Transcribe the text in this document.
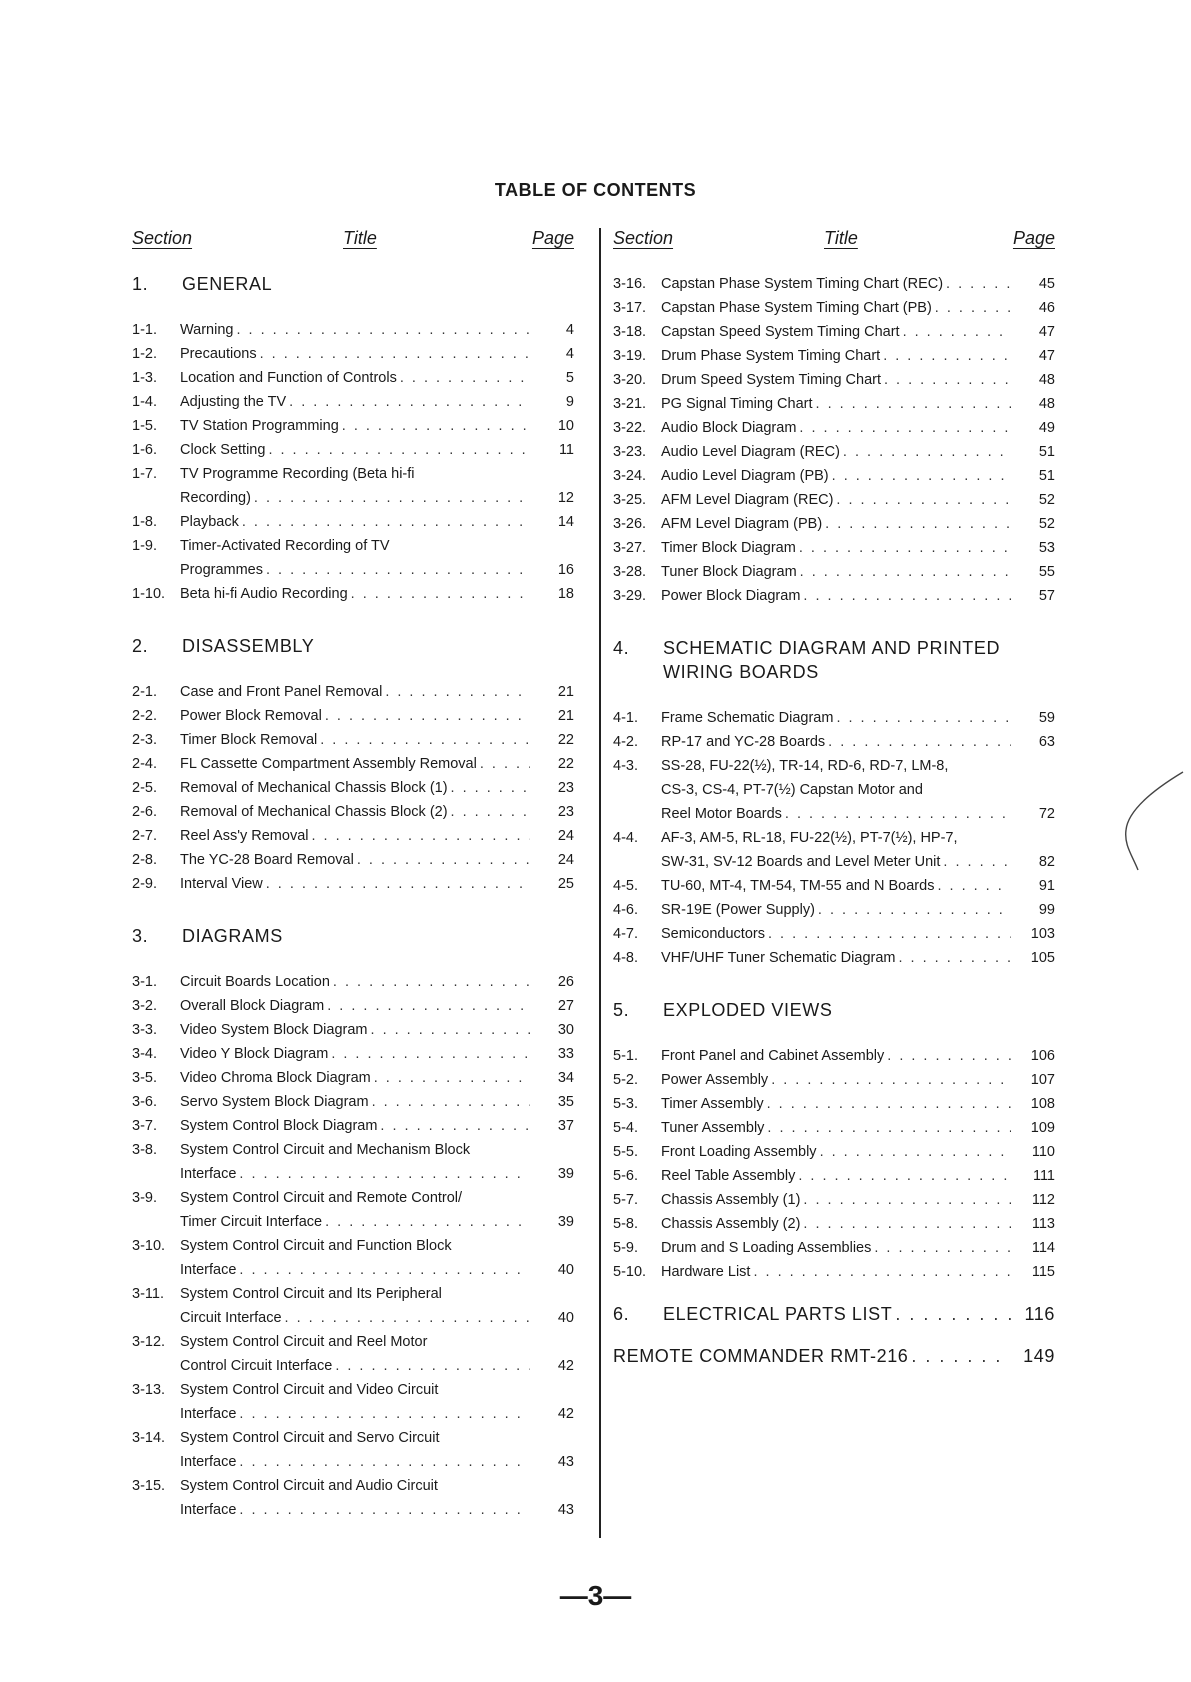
TABLE OF CONTENTS
Section	Title	Page
1.	GENERAL
1-1.	Warning . . .	4
1-2.	Precautions . . .	4
1-3.	Location and Function of Controls . . .	5
1-4.	Adjusting the TV . . .	9
1-5.	TV Station Programming . . .	10
1-6.	Clock Setting . . .	11
1-7.	TV Programme Recording (Beta hi-fi
Recording) . . .	12
1-8.	Playback . . .	14
1-9.	Timer-Activated Recording of TV
Programmes . . .	16
1-10.	Beta hi-fi Audio Recording . . .	18
2.	DISASSEMBLY
2-1.	Case and Front Panel Removal . . .	21
2-2.	Power Block Removal . . .	21
2-3.	Timer Block Removal . . .	22
2-4.	FL Cassette Compartment Assembly Removal . . .	22
2-5.	Removal of Mechanical Chassis Block (1) . . .	23
2-6.	Removal of Mechanical Chassis Block (2) . . .	23
2-7.	Reel Ass'y Removal . . .	24
2-8.	The YC-28 Board Removal . . .	24
2-9.	Interval View . . .	25
3.	DIAGRAMS
3-1.	Circuit Boards Location . . .	26
3-2.	Overall Block Diagram . . .	27
3-3.	Video System Block Diagram . . .	30
3-4.	Video Y Block Diagram . . .	33
3-5.	Video Chroma Block Diagram . . .	34
3-6.	Servo System Block Diagram . . .	35
3-7.	System Control Block Diagram . . .	37
3-8.	System Control Circuit and Mechanism Block
Interface . . .	39
3-9.	System Control Circuit and Remote Control/
Timer Circuit Interface . . .	39
3-10.	System Control Circuit and Function Block
Interface . . .	40
3-11.	System Control Circuit and Its Peripheral
Circuit Interface . . .	40
3-12.	System Control Circuit and Reel Motor
Control Circuit Interface . . .	42
3-13.	System Control Circuit and Video Circuit
Interface . . .	42
3-14.	System Control Circuit and Servo Circuit
Interface . . .	43
3-15.	System Control Circuit and Audio Circuit
Interface . . .	43
Section	Title	Page
3-16.	Capstan Phase System Timing Chart (REC) . . .	45
3-17.	Capstan Phase System Timing Chart (PB) . . .	46
3-18.	Capstan Speed System Timing Chart . . .	47
3-19.	Drum Phase System Timing Chart . . .	47
3-20.	Drum Speed System Timing Chart . . .	48
3-21.	PG Signal Timing Chart . . .	48
3-22.	Audio Block Diagram . . .	49
3-23.	Audio Level Diagram (REC) . . .	51
3-24.	Audio Level Diagram (PB) . . .	51
3-25.	AFM Level Diagram (REC) . . .	52
3-26.	AFM Level Diagram (PB) . . .	52
3-27.	Timer Block Diagram . . .	53
3-28.	Tuner Block Diagram . . .	55
3-29.	Power Block Diagram . . .	57
4.	SCHEMATIC DIAGRAM AND PRINTED
WIRING BOARDS
4-1.	Frame Schematic Diagram . . .	59
4-2.	RP-17 and YC-28 Boards . . .	63
4-3.	SS-28, FU-22(½), TR-14, RD-6, RD-7, LM-8,
CS-3, CS-4, PT-7(½) Capstan Motor and
Reel Motor Boards . . .	72
4-4.	AF-3, AM-5, RL-18, FU-22(½), PT-7(½), HP-7,
SW-31, SV-12 Boards and Level Meter Unit . . .	82
4-5.	TU-60, MT-4, TM-54, TM-55 and N Boards . . .	91
4-6.	SR-19E (Power Supply) . . .	99
4-7.	Semiconductors . . .	103
4-8.	VHF/UHF Tuner Schematic Diagram . . .	105
5.	EXPLODED VIEWS
5-1.	Front Panel and Cabinet Assembly . . .	106
5-2.	Power Assembly . . .	107
5-3.	Timer Assembly . . .	108
5-4.	Tuner Assembly . . .	109
5-5.	Front Loading Assembly . . .	110
5-6.	Reel Table Assembly . . .	111
5-7.	Chassis Assembly (1) . . .	112
5-8.	Chassis Assembly (2) . . .	113
5-9.	Drum and S Loading Assemblies . . .	114
5-10.	Hardware List . . .	115
6.	ELECTRICAL PARTS LIST . . .	116
REMOTE COMMANDER RMT-216 . . .	149
—3—
